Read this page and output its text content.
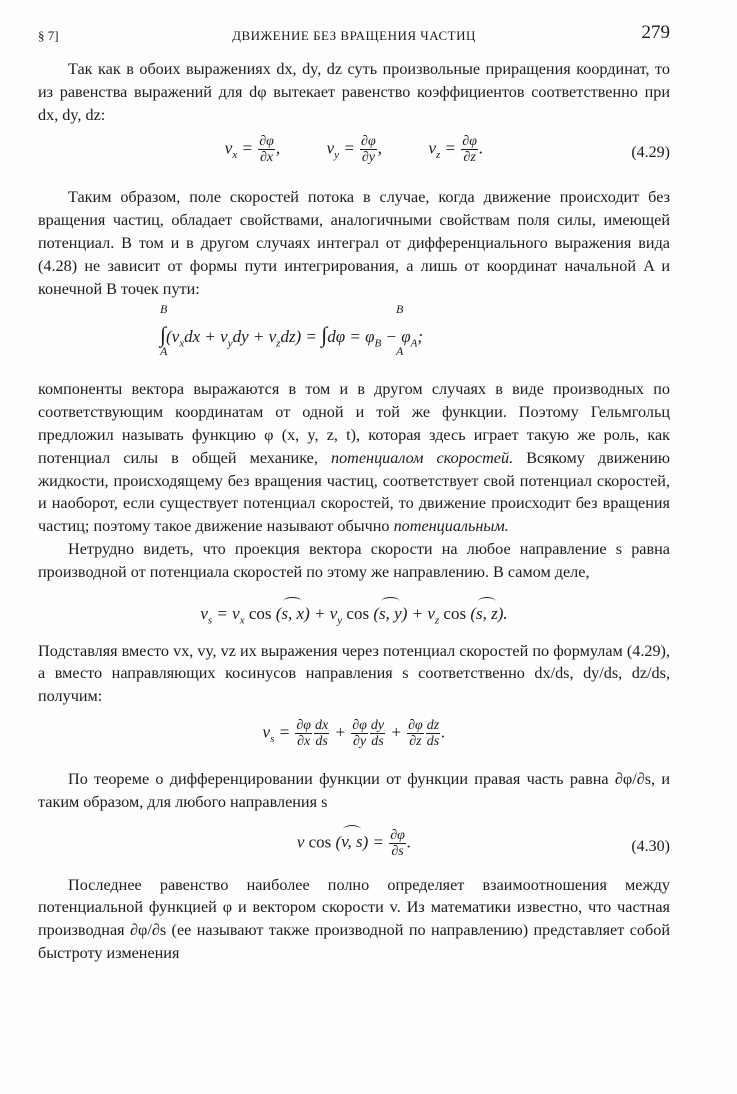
§ 7]	ДВИЖЕНИЕ БЕЗ ВРАЩЕНИЯ ЧАСТИЦ	279

Так как в обоих выражениях dx, dy, dz суть произвольные приращения координат, то из равенства выражений для dφ вытекает равенство коэффициентов соответственно при dx, dy, dz:

$v_x = \frac{\partial\varphi}{\partial x}$ ,  $v_y = \frac{\partial\varphi}{\partial y}$ ,  $v_z = \frac{\partial\varphi}{\partial z}$ .	(4.29)

Таким образом, поле скоростей потока в случае, когда движение происходит без вращения частиц, обладает свойствами, аналогичными свойствам поля силы, имеющей потенциал. В том и в другом случаях интеграл от дифференциального выражения вида (4.28) не зависит от формы пути интегрирования, а лишь от координат начальной A и конечной B точек пути:

B
A
B
A
$\int(v_xdx + v_ydy + v_zdz) = \int d\varphi = \varphi_B - \varphi_A$;

компоненты вектора выражаются в том и в другом случаях в виде производных по соответствующим координатам от одной и той же функции. Поэтому Гельмгольц предложил называть функцию φ (x, y, z, t), которая здесь играет такую же роль, как потенциал силы в общей механике, потенциалом скоростей. Всякому движению жидкости, происходящему без вращения частиц, соответствует свой потенциал скоростей, и наоборот, если существует потенциал скоростей, то движение происходит без вращения частиц; поэтому такое движение называют обычно потенциальным.

Нетрудно видеть, что проекция вектора скорости на любое направление s равна производной от потенциала скоростей по этому же направлению. В самом деле,

$v_s = v_x$ cos (s, $x) + v_y$ cos (s, $y) + v_z$ cos (s, z).

Подставляя вместо vx, vy, vz их выражения через потенциал скоростей по формулам (4.29), а вместо направляющих косинусов направления s соответственно dx/ds, dy/ds, dz/ds, получим:

$v_s = \frac{\partial\varphi}{\partial x} \frac{dx}{ds} + \frac{\partial\varphi}{\partial y} \frac{dy}{ds} + \frac{\partial\varphi}{\partial z} \frac{dz}{ds}$ .

По теореме о дифференцировании функции от функции правая часть равна ∂φ/∂s, и таким образом, для любого направления s

v cos (v, $s) = \frac{\partial\varphi}{\partial s}$ .	(4.30)

Последнее равенство наиболее полно определяет взаимоотношения между потенциальной функцией φ и вектором скорости v. Из математики известно, что частная производная ∂φ/∂s (ее называют также производной по направлению) представляет собой быстроту изменения
